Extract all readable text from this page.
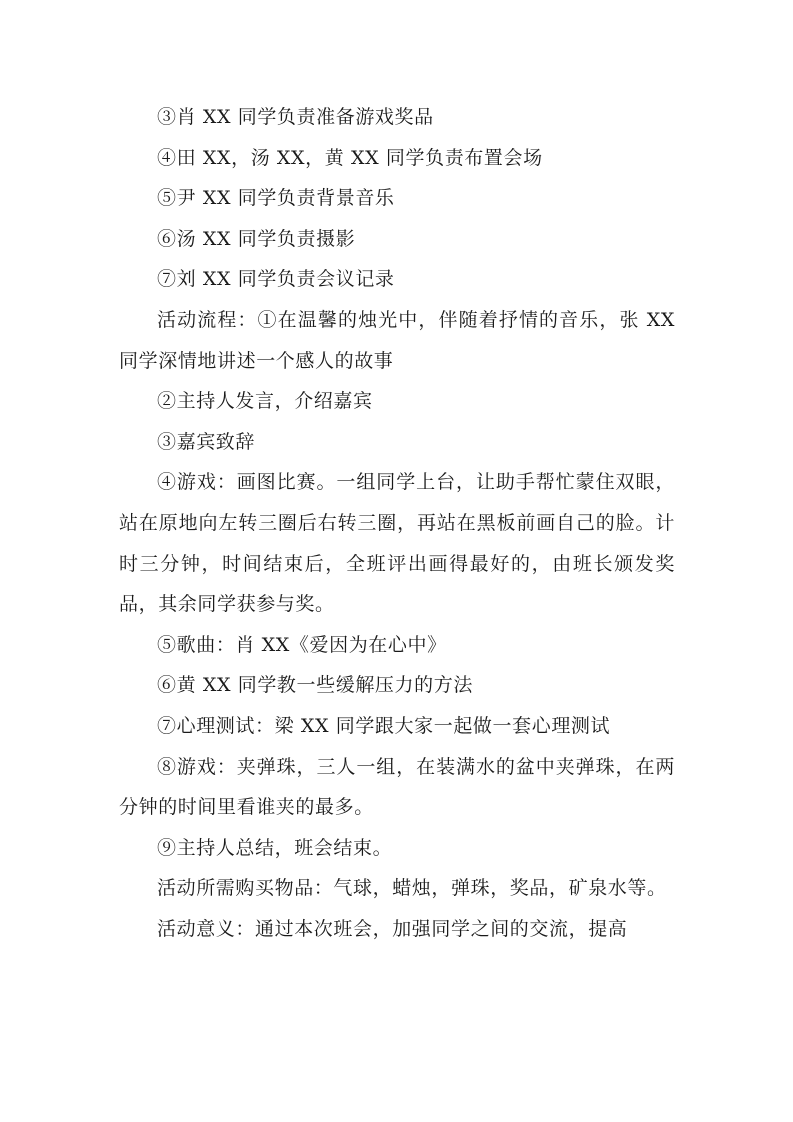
③肖 XX 同学负责准备游戏奖品

④田 XX，汤 XX，黄 XX 同学负责布置会场

⑤尹 XX 同学负责背景音乐

⑥汤 XX 同学负责摄影

⑦刘 XX 同学负责会议记录

活动流程：①在温馨的烛光中，伴随着抒情的音乐，张 XX 同学深情地讲述一个感人的故事

②主持人发言，介绍嘉宾

③嘉宾致辞

④游戏：画图比赛。一组同学上台，让助手帮忙蒙住双眼，站在原地向左转三圈后右转三圈，再站在黑板前画自己的脸。计时三分钟，时间结束后，全班评出画得最好的，由班长颁发奖品，其余同学获参与奖。

⑤歌曲：肖 XX《爱因为在心中》

⑥黄 XX 同学教一些缓解压力的方法

⑦心理测试：梁 XX 同学跟大家一起做一套心理测试

⑧游戏：夹弹珠，三人一组，在装满水的盆中夹弹珠，在两分钟的时间里看谁夹的最多。

⑨主持人总结，班会结束。

活动所需购买物品：气球，蜡烛，弹珠，奖品，矿泉水等。

活动意义：通过本次班会，加强同学之间的交流，提高
